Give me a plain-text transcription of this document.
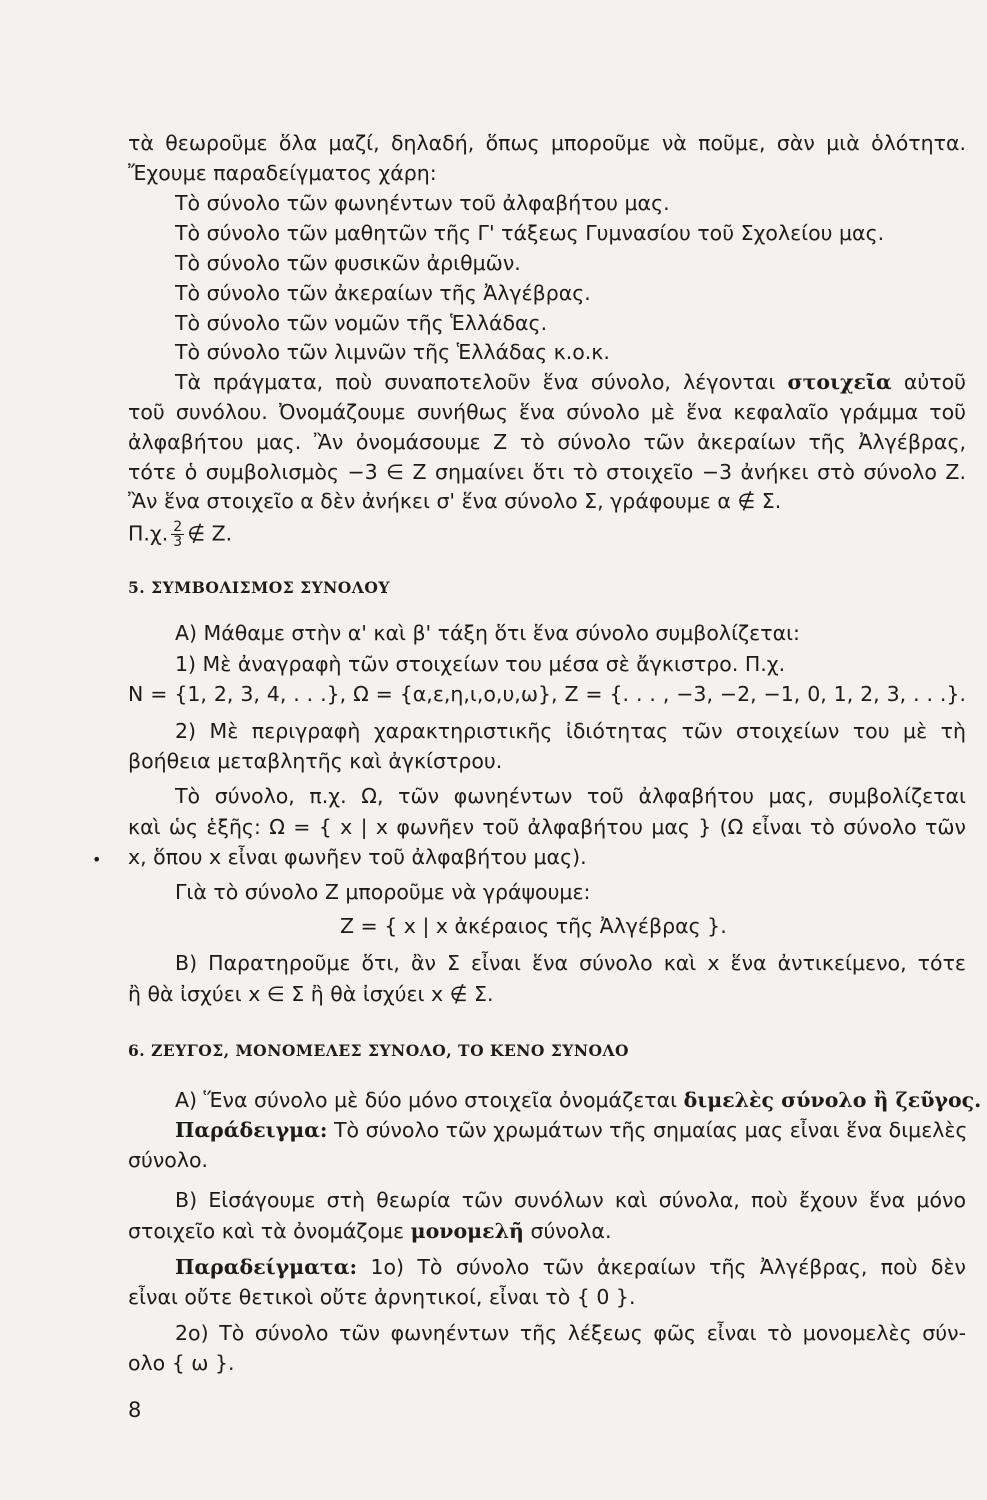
τὰ θεωροῦμε ὅλα μαζί, δηλαδή, ὅπως μποροῦμε νὰ ποῦμε, σὰν μιὰ ὁλότητα.
Ἔχουμε παραδείγματος χάρη:
Τὸ σύνολο τῶν φωνηέντων τοῦ ἀλφαβήτου μας.
Τὸ σύνολο τῶν μαθητῶν τῆς Γ' τάξεως Γυμνασίου τοῦ Σχολείου μας.
Τὸ σύνολο τῶν φυσικῶν ἀριθμῶν.
Τὸ σύνολο τῶν ἀκεραίων τῆς Ἀλγέβρας.
Τὸ σύνολο τῶν νομῶν τῆς Ἑλλάδας.
Τὸ σύνολο τῶν λιμνῶν τῆς Ἑλλάδας κ.ο.κ.
Τὰ πράγματα, ποὺ συναποτελοῦν ἕνα σύνολο, λέγονται στοιχεῖα αὐτοῦ
τοῦ συνόλου. Ὀνομάζουμε συνήθως ἕνα σύνολο μὲ ἕνα κεφαλαῖο γράμμα τοῦ
ἀλφαβήτου μας. Ἂν ὀνομάσουμε Ζ τὸ σύνολο τῶν ἀκεραίων τῆς Ἀλγέβρας,
τότε ὁ συμβολισμὸς −3 ∈ Ζ σημαίνει ὅτι τὸ στοιχεῖο −3 ἀνήκει στὸ σύνολο Ζ.
Ἂν ἕνα στοιχεῖο α δὲν ἀνήκει σ' ἕνα σύνολο Σ, γράφουμε α ∉ Σ.
Π.χ. $\frac{2}{3}$ ∉ Ζ.
5. ΣΥΜΒΟΛΙΣΜΟΣ ΣΥΝΟΛΟΥ
Α) Μάθαμε στὴν α' καὶ β' τάξη ὅτι ἕνα σύνολο συμβολίζεται:
1) Μὲ ἀναγραφὴ τῶν στοιχείων του μέσα σὲ ἄγκιστρο. Π.χ.
Ν = {1, 2, 3, 4, . . .}, Ω = {α,ε,η,ι,ο,υ,ω}, Ζ = {. . . , −3, −2, −1, 0, 1, 2, 3, . . .}.
2) Μὲ περιγραφὴ χαρακτηριστικῆς ἰδιότητας τῶν στοιχείων του μὲ τὴ
βοήθεια μεταβλητῆς καὶ ἀγκίστρου.
Τὸ σύνολο, π.χ. Ω, τῶν φωνηέντων τοῦ ἀλφαβήτου μας, συμβολίζεται
καὶ ὡς ἑξῆς: Ω = { x | x φωνῆεν τοῦ ἀλφαβήτου μας } (Ω εἶναι τὸ σύνολο τῶν
• x, ὅπου x εἶναι φωνῆεν τοῦ ἀλφαβήτου μας).
Γιὰ τὸ σύνολο Ζ μποροῦμε νὰ γράψουμε:
Ζ = { x | x ἀκέραιος τῆς Ἀλγέβρας }.
Β) Παρατηροῦμε ὅτι, ἂν Σ εἶναι ἕνα σύνολο καὶ x ἕνα ἀντικείμενο, τότε
ἢ θὰ ἰσχύει x ∈ Σ ἢ θὰ ἰσχύει x ∉ Σ.
6. ΖΕΥΓΟΣ, ΜΟΝΟΜΕΛΕΣ ΣΥΝΟΛΟ, ΤΟ ΚΕΝΟ ΣΥΝΟΛΟ
Α) Ἕνα σύνολο μὲ δύο μόνο στοιχεῖα ὀνομάζεται διμελὲς σύνολο ἢ ζεῦγος.
Παράδειγμα: Τὸ σύνολο τῶν χρωμάτων τῆς σημαίας μας εἶναι ἕνα διμελὲς
σύνολο.
Β) Εἰσάγουμε στὴ θεωρία τῶν συνόλων καὶ σύνολα, ποὺ ἔχουν ἕνα μόνο
στοιχεῖο καὶ τὰ ὀνομάζομε μονομελῆ σύνολα.
Παραδείγματα: 1ο) Τὸ σύνολο τῶν ἀκεραίων τῆς Ἀλγέβρας, ποὺ δὲν
εἶναι οὔτε θετικοὶ οὔτε ἀρνητικοί, εἶναι τὸ { 0 }.
2ο) Τὸ σύνολο τῶν φωνηέντων τῆς λέξεως φῶς εἶναι τὸ μονομελὲς σύν-
ολο { ω }.
8
